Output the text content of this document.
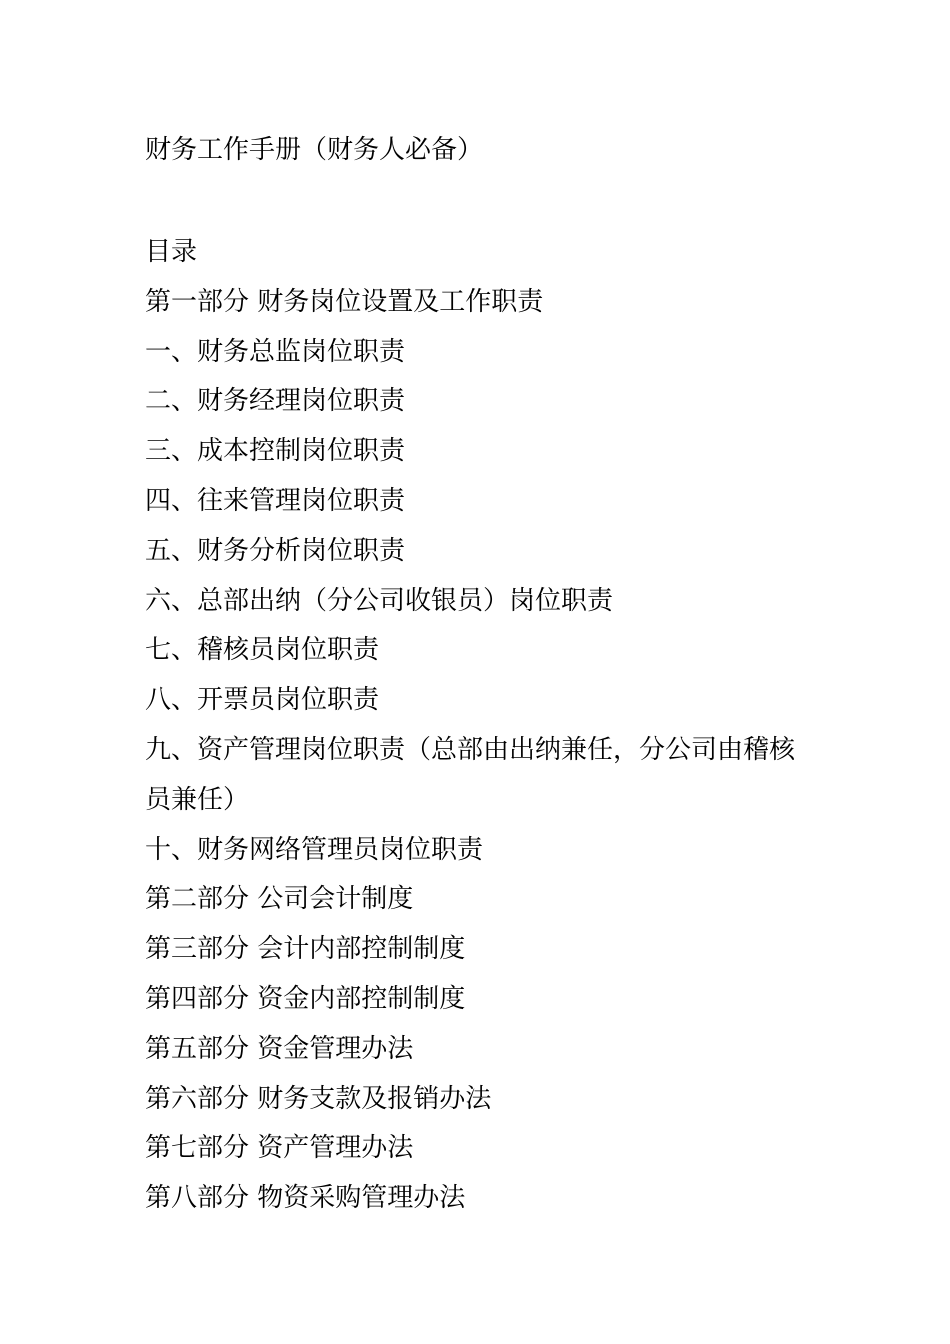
财务工作手册（财务人必备）
目录
第一部分 财务岗位设置及工作职责
一、财务总监岗位职责
二、财务经理岗位职责
三、成本控制岗位职责
四、往来管理岗位职责
五、财务分析岗位职责
六、总部出纳（分公司收银员）岗位职责
七、稽核员岗位职责
八、开票员岗位职责
九、资产管理岗位职责（总部由出纳兼任，分公司由稽核员兼任）
十、财务网络管理员岗位职责
第二部分 公司会计制度
第三部分 会计内部控制制度
第四部分 资金内部控制制度
第五部分 资金管理办法
第六部分 财务支款及报销办法
第七部分 资产管理办法
第八部分 物资采购管理办法
